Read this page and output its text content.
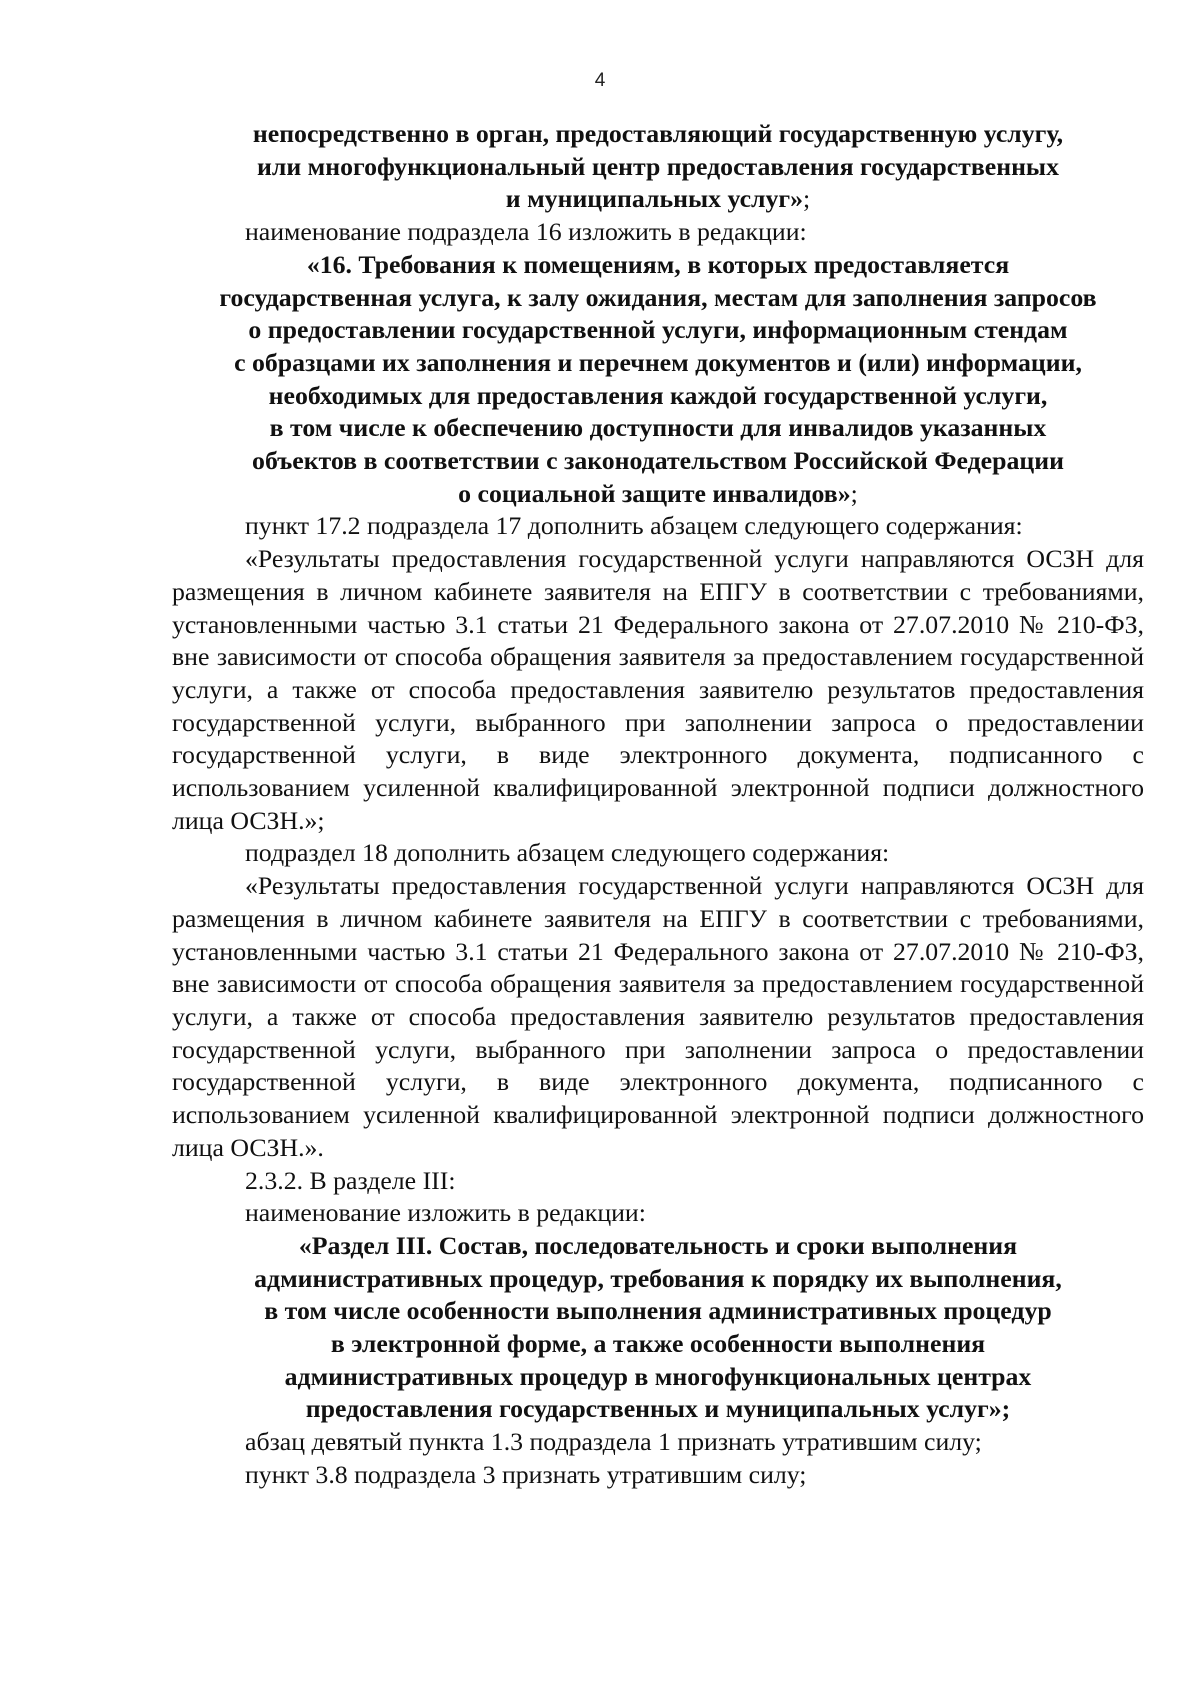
4

непосредственно в орган, предоставляющий государственную услугу,
или многофункциональный центр предоставления государственных
и муниципальных услуг»;

наименование подраздела 16 изложить в редакции:

«16. Требования к помещениям, в которых предоставляется
государственная услуга, к залу ожидания, местам для заполнения запросов
о предоставлении государственной услуги, информационным стендам
с образцами их заполнения и перечнем документов и (или) информации,
необходимых для предоставления каждой государственной услуги,
в том числе к обеспечению доступности для инвалидов указанных
объектов в соответствии с законодательством Российской Федерации
о социальной защите инвалидов»;

пункт 17.2 подраздела 17 дополнить абзацем следующего содержания:

«Результаты предоставления государственной услуги направляются ОСЗН для размещения в личном кабинете заявителя на ЕПГУ в соответствии с требованиями, установленными частью 3.1 статьи 21 Федерального закона от 27.07.2010 № 210-ФЗ, вне зависимости от способа обращения заявителя за предоставлением государственной услуги, а также от способа предоставления заявителю результатов предоставления государственной услуги, выбранного при заполнении запроса о предоставлении государственной услуги, в виде электронного документа, подписанного с использованием усиленной квалифицированной электронной подписи должностного лица ОСЗН.»;

подраздел 18 дополнить абзацем следующего содержания:

«Результаты предоставления государственной услуги направляются ОСЗН для размещения в личном кабинете заявителя на ЕПГУ в соответствии с требованиями, установленными частью 3.1 статьи 21 Федерального закона от 27.07.2010 № 210-ФЗ, вне зависимости от способа обращения заявителя за предоставлением государственной услуги, а также от способа предоставления заявителю результатов предоставления государственной услуги, выбранного при заполнении запроса о предоставлении государственной услуги, в виде электронного документа, подписанного с использованием усиленной квалифицированной электронной подписи должностного лица ОСЗН.».

2.3.2. В разделе III:

наименование изложить в редакции:

«Раздел III. Состав, последовательность и сроки выполнения
административных процедур, требования к порядку их выполнения,
в том числе особенности выполнения административных процедур
в электронной форме, а также особенности выполнения
административных процедур в многофункциональных центрах
предоставления государственных и муниципальных услуг»;

абзац девятый пункта 1.3 подраздела 1 признать утратившим силу;

пункт 3.8 подраздела 3 признать утратившим силу;
